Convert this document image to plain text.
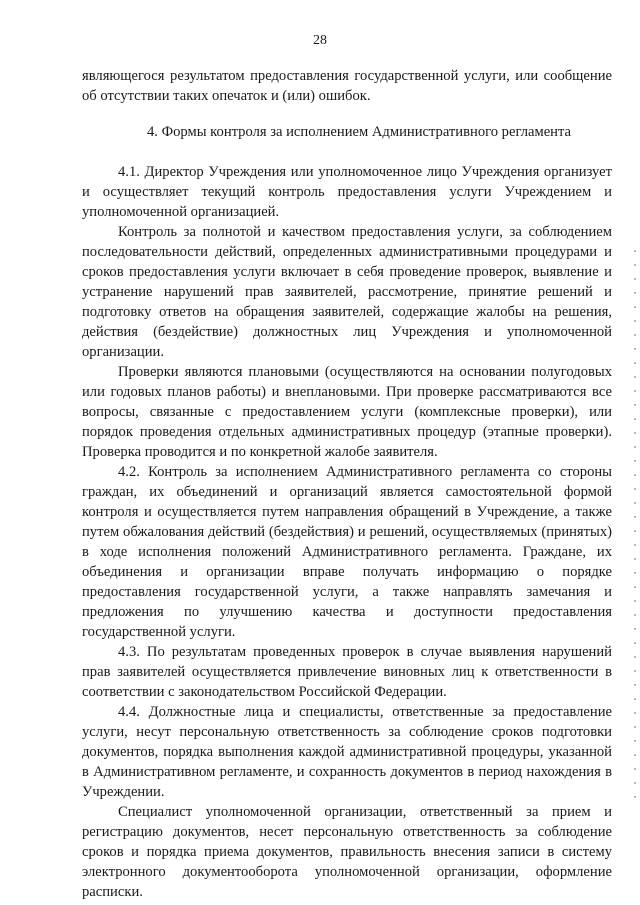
28

являющегося результатом предоставления государственной услуги, или сообщение об отсутствии таких опечаток и (или) ошибок.

4. Формы контроля за исполнением Административного регламента

4.1. Директор Учреждения или уполномоченное лицо Учреждения организует и осуществляет текущий контроль предоставления услуги Учреждением и уполномоченной организацией.

Контроль за полнотой и качеством предоставления услуги, за соблюдением последовательности действий, определенных административными процедурами и сроков предоставления услуги включает в себя проведение проверок, выявление и устранение нарушений прав заявителей, рассмотрение, принятие решений и подготовку ответов на обращения заявителей, содержащие жалобы на решения, действия (бездействие) должностных лиц Учреждения и уполномоченной организации.

Проверки являются плановыми (осуществляются на основании полугодовых или годовых планов работы) и внеплановыми. При проверке рассматриваются все вопросы, связанные с предоставлением услуги (комплексные проверки), или порядок проведения отдельных административных процедур (этапные проверки). Проверка проводится и по конкретной жалобе заявителя.

4.2. Контроль за исполнением Административного регламента со стороны граждан, их объединений и организаций является самостоятельной формой контроля и осуществляется путем направления обращений в Учреждение, а также путем обжалования действий (бездействия) и решений, осуществляемых (принятых) в ходе исполнения положений Административного регламента. Граждане, их объединения и организации вправе получать информацию о порядке предоставления государственной услуги, а также направлять замечания и предложения по улучшению качества и доступности предоставления государственной услуги.

4.3. По результатам проведенных проверок в случае выявления нарушений прав заявителей осуществляется привлечение виновных лиц к ответственности в соответствии с законодательством Российской Федерации.

4.4. Должностные лица и специалисты, ответственные за предоставление услуги, несут персональную ответственность за соблюдение сроков подготовки документов, порядка выполнения каждой административной процедуры, указанной в Административном регламенте, и сохранность документов в период нахождения в Учреждении.

Специалист уполномоченной организации, ответственный за прием и регистрацию документов, несет персональную ответственность за соблюдение сроков и порядка приема документов, правильность внесения записи в систему электронного документооборота уполномоченной организации, оформление расписки.
